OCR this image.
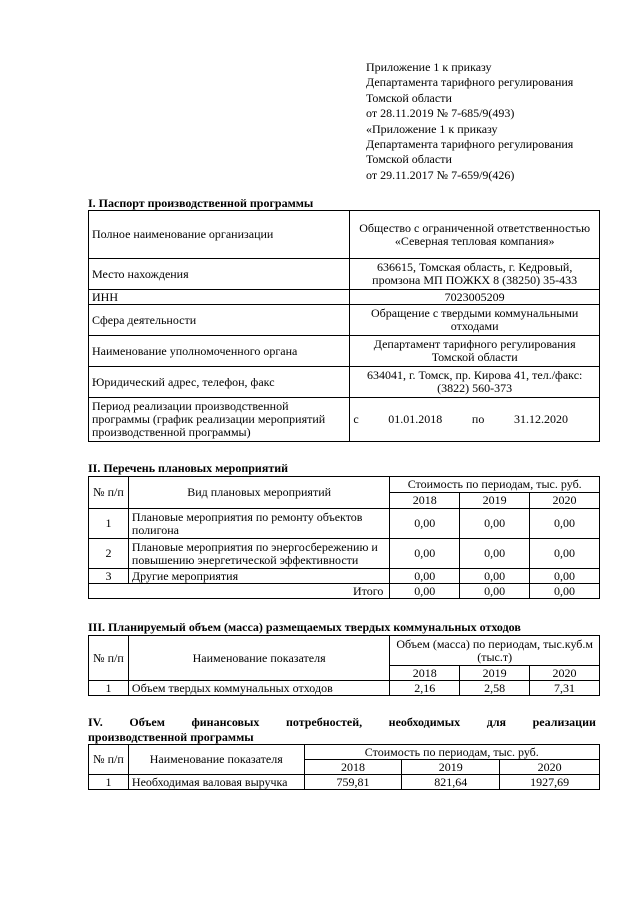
Приложение 1 к приказу
Департамента тарифного регулирования
Томской области
от 28.11.2019 № 7-685/9(493)
«Приложение 1 к приказу
Департамента тарифного регулирования
Томской области
от 29.11.2017 № 7-659/9(426)
I. Паспорт производственной программы
Полное наименование организации	Общество с ограниченной ответственностью «Северная тепловая компания»
Место нахождения	636615, Томская область, г. Кедровый, промзона МП ПОЖКХ 8 (38250) 35-433
ИНН	7023005209
Сфера деятельности	Обращение с твердыми коммунальными отходами
Наименование уполномоченного органа	Департамент тарифного регулирования Томской области
Юридический адрес, телефон, факс	634041, г. Томск, пр. Кирова 41, тел./факс: (3822) 560-373
Период реализации производственной программы (график реализации мероприятий производственной программы)	с 01.01.2018 по 31.12.2020
II. Перечень плановых мероприятий
№ п/п	Вид плановых мероприятий	Стоимость по периодам, тыс. руб.		
		2018	2019	2020
1	Плановые мероприятия по ремонту объектов полигона	0,00	0,00	0,00
2	Плановые мероприятия по энергосбережению и повышению энергетической эффективности	0,00	0,00	0,00
3	Другие мероприятия	0,00	0,00	0,00
Итого		0,00	0,00	0,00
III. Планируемый объем (масса) размещаемых твердых коммунальных отходов
№ п/п	Наименование показателя	Объем (масса) по периодам, тыс.куб.м (тыс.т)		
		2018	2019	2020
1	Объем твердых коммунальных отходов	2,16	2,58	7,31
IV. Объем финансовых потребностей, необходимых для реализации
производственной программы
№ п/п	Наименование показателя	Стоимость по периодам, тыс. руб.		
		2018	2019	2020
1	Необходимая валовая выручка	759,81	821,64	1927,69
